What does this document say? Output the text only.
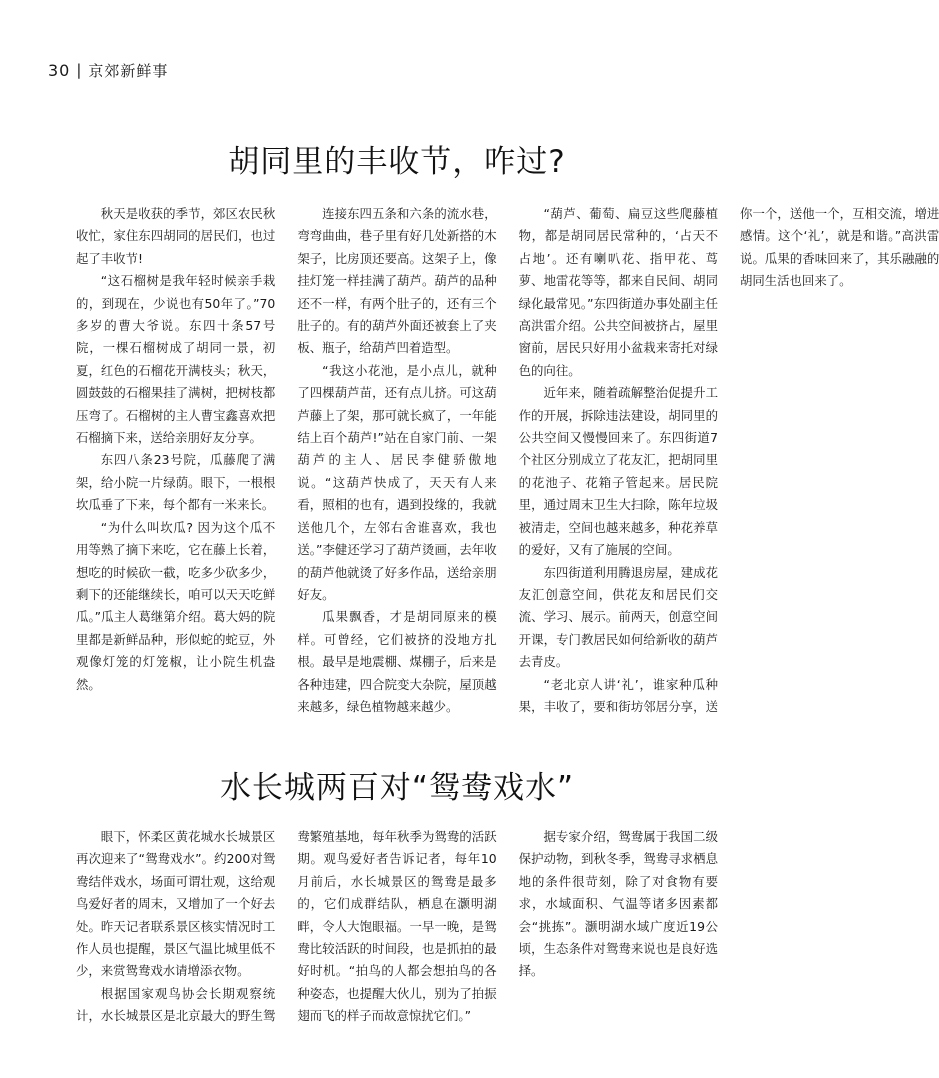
30 | 京郊新鲜事
胡同里的丰收节，咋过?

秋天是收获的季节，郊区农民秋收忙，家住东四胡同的居民们，也过起了丰收节!

“这石榴树是我年轻时候亲手栽的，到现在，少说也有50年了。”70多岁的曹大爷说。东四十条57号院，一棵石榴树成了胡同一景，初夏，红色的石榴花开满枝头；秋天，圆鼓鼓的石榴果挂了满树，把树枝都压弯了。石榴树的主人曹宝鑫喜欢把石榴摘下来，送给亲朋好友分享。

东四八条23号院，瓜藤爬了满架，给小院一片绿荫。眼下，一根根坎瓜垂了下来，每个都有一米来长。

“为什么叫坎瓜? 因为这个瓜不用等熟了摘下来吃，它在藤上长着，想吃的时候砍一截，吃多少砍多少，剩下的还能继续长，咱可以天天吃鲜瓜。”瓜主人葛继第介绍。葛大妈的院里都是新鲜品种，形似蛇的蛇豆，外观像灯笼的灯笼椒，让小院生机盎然。

连接东四五条和六条的流水巷，弯弯曲曲，巷子里有好几处新搭的木架子，比房顶还要高。这架子上，像挂灯笼一样挂满了葫芦。葫芦的品种还不一样，有两个肚子的，还有三个肚子的。有的葫芦外面还被套上了夹板、瓶子，给葫芦凹着造型。

“我这小花池，是小点儿，就种了四棵葫芦苗，还有点儿挤。可这葫芦藤上了架，那可就长疯了，一年能结上百个葫芦!”站在自家门前、一架葫芦的主人、居民李健骄傲地说。“这葫芦快成了，天天有人来看，照相的也有，遇到投缘的，我就送他几个，左邻右舍谁喜欢，我也送。”李健还学习了葫芦烫画，去年收的葫芦他就烫了好多作品，送给亲朋好友。

瓜果飘香，才是胡同原来的模样。可曾经，它们被挤的没地方扎根。最早是地震棚、煤棚子，后来是各种违建，四合院变大杂院，屋顶越来越多，绿色植物越来越少。

“葫芦、葡萄、扁豆这些爬藤植物，都是胡同居民常种的，‘占天不占地’。还有喇叭花、指甲花、茑萝、地雷花等等，都来自民间、胡同绿化最常见。”东四街道办事处副主任高洪雷介绍。公共空间被挤占，屋里窗前，居民只好用小盆栽来寄托对绿色的向往。

近年来，随着疏解整治促提升工作的开展，拆除违法建设，胡同里的公共空间又慢慢回来了。东四街道7个社区分别成立了花友汇，把胡同里的花池子、花箱子管起来。居民院里，通过周末卫生大扫除，陈年垃圾被清走，空间也越来越多，种花养草的爱好，又有了施展的空间。

东四街道利用腾退房屋，建成花友汇创意空间，供花友和居民们交流、学习、展示。前两天，创意空间开课，专门教居民如何给新收的葫芦去青皮。

“老北京人讲‘礼’，谁家种瓜种果，丰收了，要和街坊邻居分享，送你一个，送他一个，互相交流，增进感情。这个‘礼’，就是和谐。”高洪雷说。瓜果的香味回来了，其乐融融的胡同生活也回来了。

水长城两百对“鸳鸯戏水”

眼下，怀柔区黄花城水长城景区再次迎来了“鸳鸯戏水”。约200对鸳鸯结伴戏水，场面可谓壮观，这给观鸟爱好者的周末，又增加了一个好去处。昨天记者联系景区核实情况时工作人员也提醒，景区气温比城里低不少，来赏鸳鸯戏水请增添衣物。

根据国家观鸟协会长期观察统计，水长城景区是北京最大的野生鸳鸯繁殖基地，每年秋季为鸳鸯的活跃期。观鸟爱好者告诉记者，每年10月前后，水长城景区的鸳鸯是最多的，它们成群结队，栖息在灏明湖畔，令人大饱眼福。一早一晚，是鸳鸯比较活跃的时间段，也是抓拍的最好时机。“拍鸟的人都会想拍鸟的各种姿态，也提醒大伙儿，别为了拍振翅而飞的样子而故意惊扰它们。”

据专家介绍，鸳鸯属于我国二级保护动物，到秋冬季，鸳鸯寻求栖息地的条件很苛刻，除了对食物有要求，水域面积、气温等诸多因素都会“挑拣”。灏明湖水域广度近19公顷，生态条件对鸳鸯来说也是良好选择。
